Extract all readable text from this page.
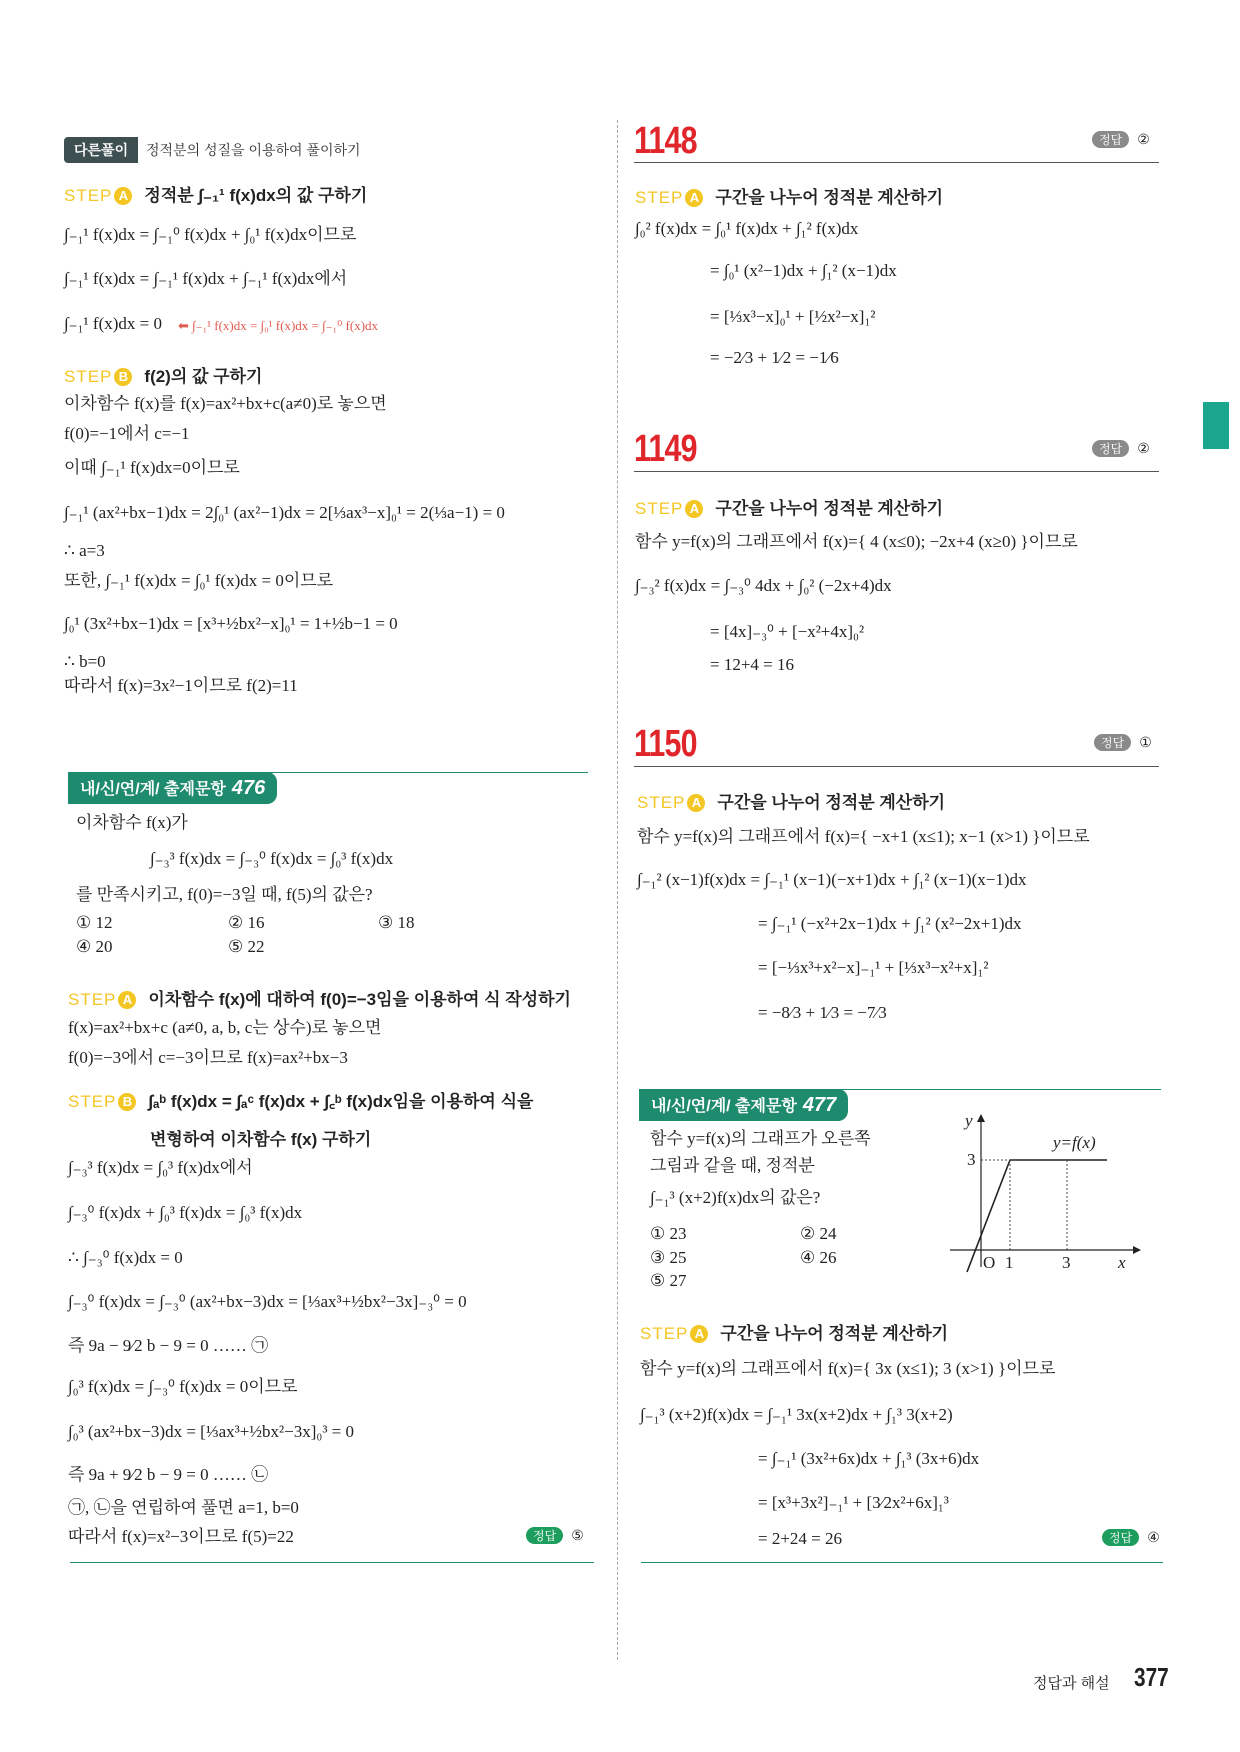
다른풀이	정적분의 성질을 이용하여 풀이하기
STEP A 정적분 ∫₋₁¹ f(x)dx의 값 구하기
∫₋₁¹ f(x)dx = ∫₋₁⁰ f(x)dx + ∫₀¹ f(x)dx이므로
∫₋₁¹ f(x)dx = ∫₋₁¹ f(x)dx + ∫₋₁¹ f(x)dx에서
∫₋₁¹ f(x)dx = 0 ⬅ ∫₋₁¹ f(x)dx = ∫₀¹ f(x)dx = ∫₋₁⁰ f(x)dx
STEP B f(2)의 값 구하기
이차함수 f(x)를 f(x)=ax²+bx+c(a≠0)로 놓으면
f(0)=−1에서 c=−1
이때 ∫₋₁¹ f(x)dx=0이므로
∫₋₁¹ (ax²+bx−1)dx = 2∫₀¹ (ax²−1)dx = 2[⅓ax³−x]₀¹ = 2(⅓a−1) = 0
∴ a=3
또한, ∫₋₁¹ f(x)dx = ∫₀¹ f(x)dx = 0이므로
∫₀¹ (3x²+bx−1)dx = [x³+½bx²−x]₀¹ = 1+½b−1 = 0
∴ b=0
따라서 f(x)=3x²−1이므로 f(2)=11
내/신/연/계/ 출제문항 476
이차함수 f(x)가
∫₋₃³ f(x)dx = ∫₋₃⁰ f(x)dx = ∫₀³ f(x)dx
를 만족시키고, f(0)=−3일 때, f(5)의 값은?
① 12	② 16	③ 18
④ 20	⑤ 22
STEP A 이차함수 f(x)에 대하여 f(0)=−3임을 이용하여 식 작성하기
f(x)=ax²+bx+c (a≠0, a, b, c는 상수)로 놓으면
f(0)=−3에서 c=−3이므로 f(x)=ax²+bx−3
STEP B ∫ₐᵇ f(x)dx = ∫ₐᶜ f(x)dx + ∫꜀ᵇ f(x)dx임을 이용하여 식을
변형하여 이차함수 f(x) 구하기
∫₋₃³ f(x)dx = ∫₀³ f(x)dx에서
∫₋₃⁰ f(x)dx + ∫₀³ f(x)dx = ∫₀³ f(x)dx
∴ ∫₋₃⁰ f(x)dx = 0
∫₋₃⁰ f(x)dx = ∫₋₃⁰ (ax²+bx−3)dx = [⅓ax³+½bx²−3x]₋₃⁰ = 0
즉 9a − 9⁄2 b − 9 = 0 …… ㉠
∫₀³ f(x)dx = ∫₋₃⁰ f(x)dx = 0이므로
∫₀³ (ax²+bx−3)dx = [⅓ax³+½bx²−3x]₀³ = 0
즉 9a + 9⁄2 b − 9 = 0 …… ㉡
㉠, ㉡을 연립하여 풀면 a=1, b=0
따라서 f(x)=x²−3이므로 f(5)=22	정답 ⑤
1148	정답 ②
STEP A 구간을 나누어 정적분 계산하기
∫₀² f(x)dx = ∫₀¹ f(x)dx + ∫₁² f(x)dx
= ∫₀¹ (x²−1)dx + ∫₁² (x−1)dx
= [⅓x³−x]₀¹ + [½x²−x]₁²
= −2⁄3 + 1⁄2 = −1⁄6
1149	정답 ②
STEP A 구간을 나누어 정적분 계산하기
함수 y=f(x)의 그래프에서 f(x)={ 4 (x≤0); −2x+4 (x≥0) }이므로
∫₋₃² f(x)dx = ∫₋₃⁰ 4dx + ∫₀² (−2x+4)dx
= [4x]₋₃⁰ + [−x²+4x]₀²
= 12+4 = 16
1150	정답 ①
STEP A 구간을 나누어 정적분 계산하기
함수 y=f(x)의 그래프에서 f(x)={ −x+1 (x≤1); x−1 (x>1) }이므로
∫₋₁² (x−1)f(x)dx = ∫₋₁¹ (x−1)(−x+1)dx + ∫₁² (x−1)(x−1)dx
= ∫₋₁¹ (−x²+2x−1)dx + ∫₁² (x²−2x+1)dx
= [−⅓x³+x²−x]₋₁¹ + [⅓x³−x²+x]₁²
= −8⁄3 + 1⁄3 = −7⁄3
내/신/연/계/ 출제문항 477
함수 y=f(x)의 그래프가 오른쪽
그림과 같을 때, 정적분
∫₋₁³ (x+2)f(x)dx의 값은?
① 23	② 24
③ 25	④ 26
⑤ 27
y
y=f(x)
3
O 1	3	x
STEP A 구간을 나누어 정적분 계산하기
함수 y=f(x)의 그래프에서 f(x)={ 3x (x≤1); 3 (x>1) }이므로
∫₋₁³ (x+2)f(x)dx = ∫₋₁¹ 3x(x+2)dx + ∫₁³ 3(x+2)
= ∫₋₁¹ (3x²+6x)dx + ∫₁³ (3x+6)dx
= [x³+3x²]₋₁¹ + [3⁄2x²+6x]₁³
= 2+24 = 26	정답 ④
정답과 해설 377
